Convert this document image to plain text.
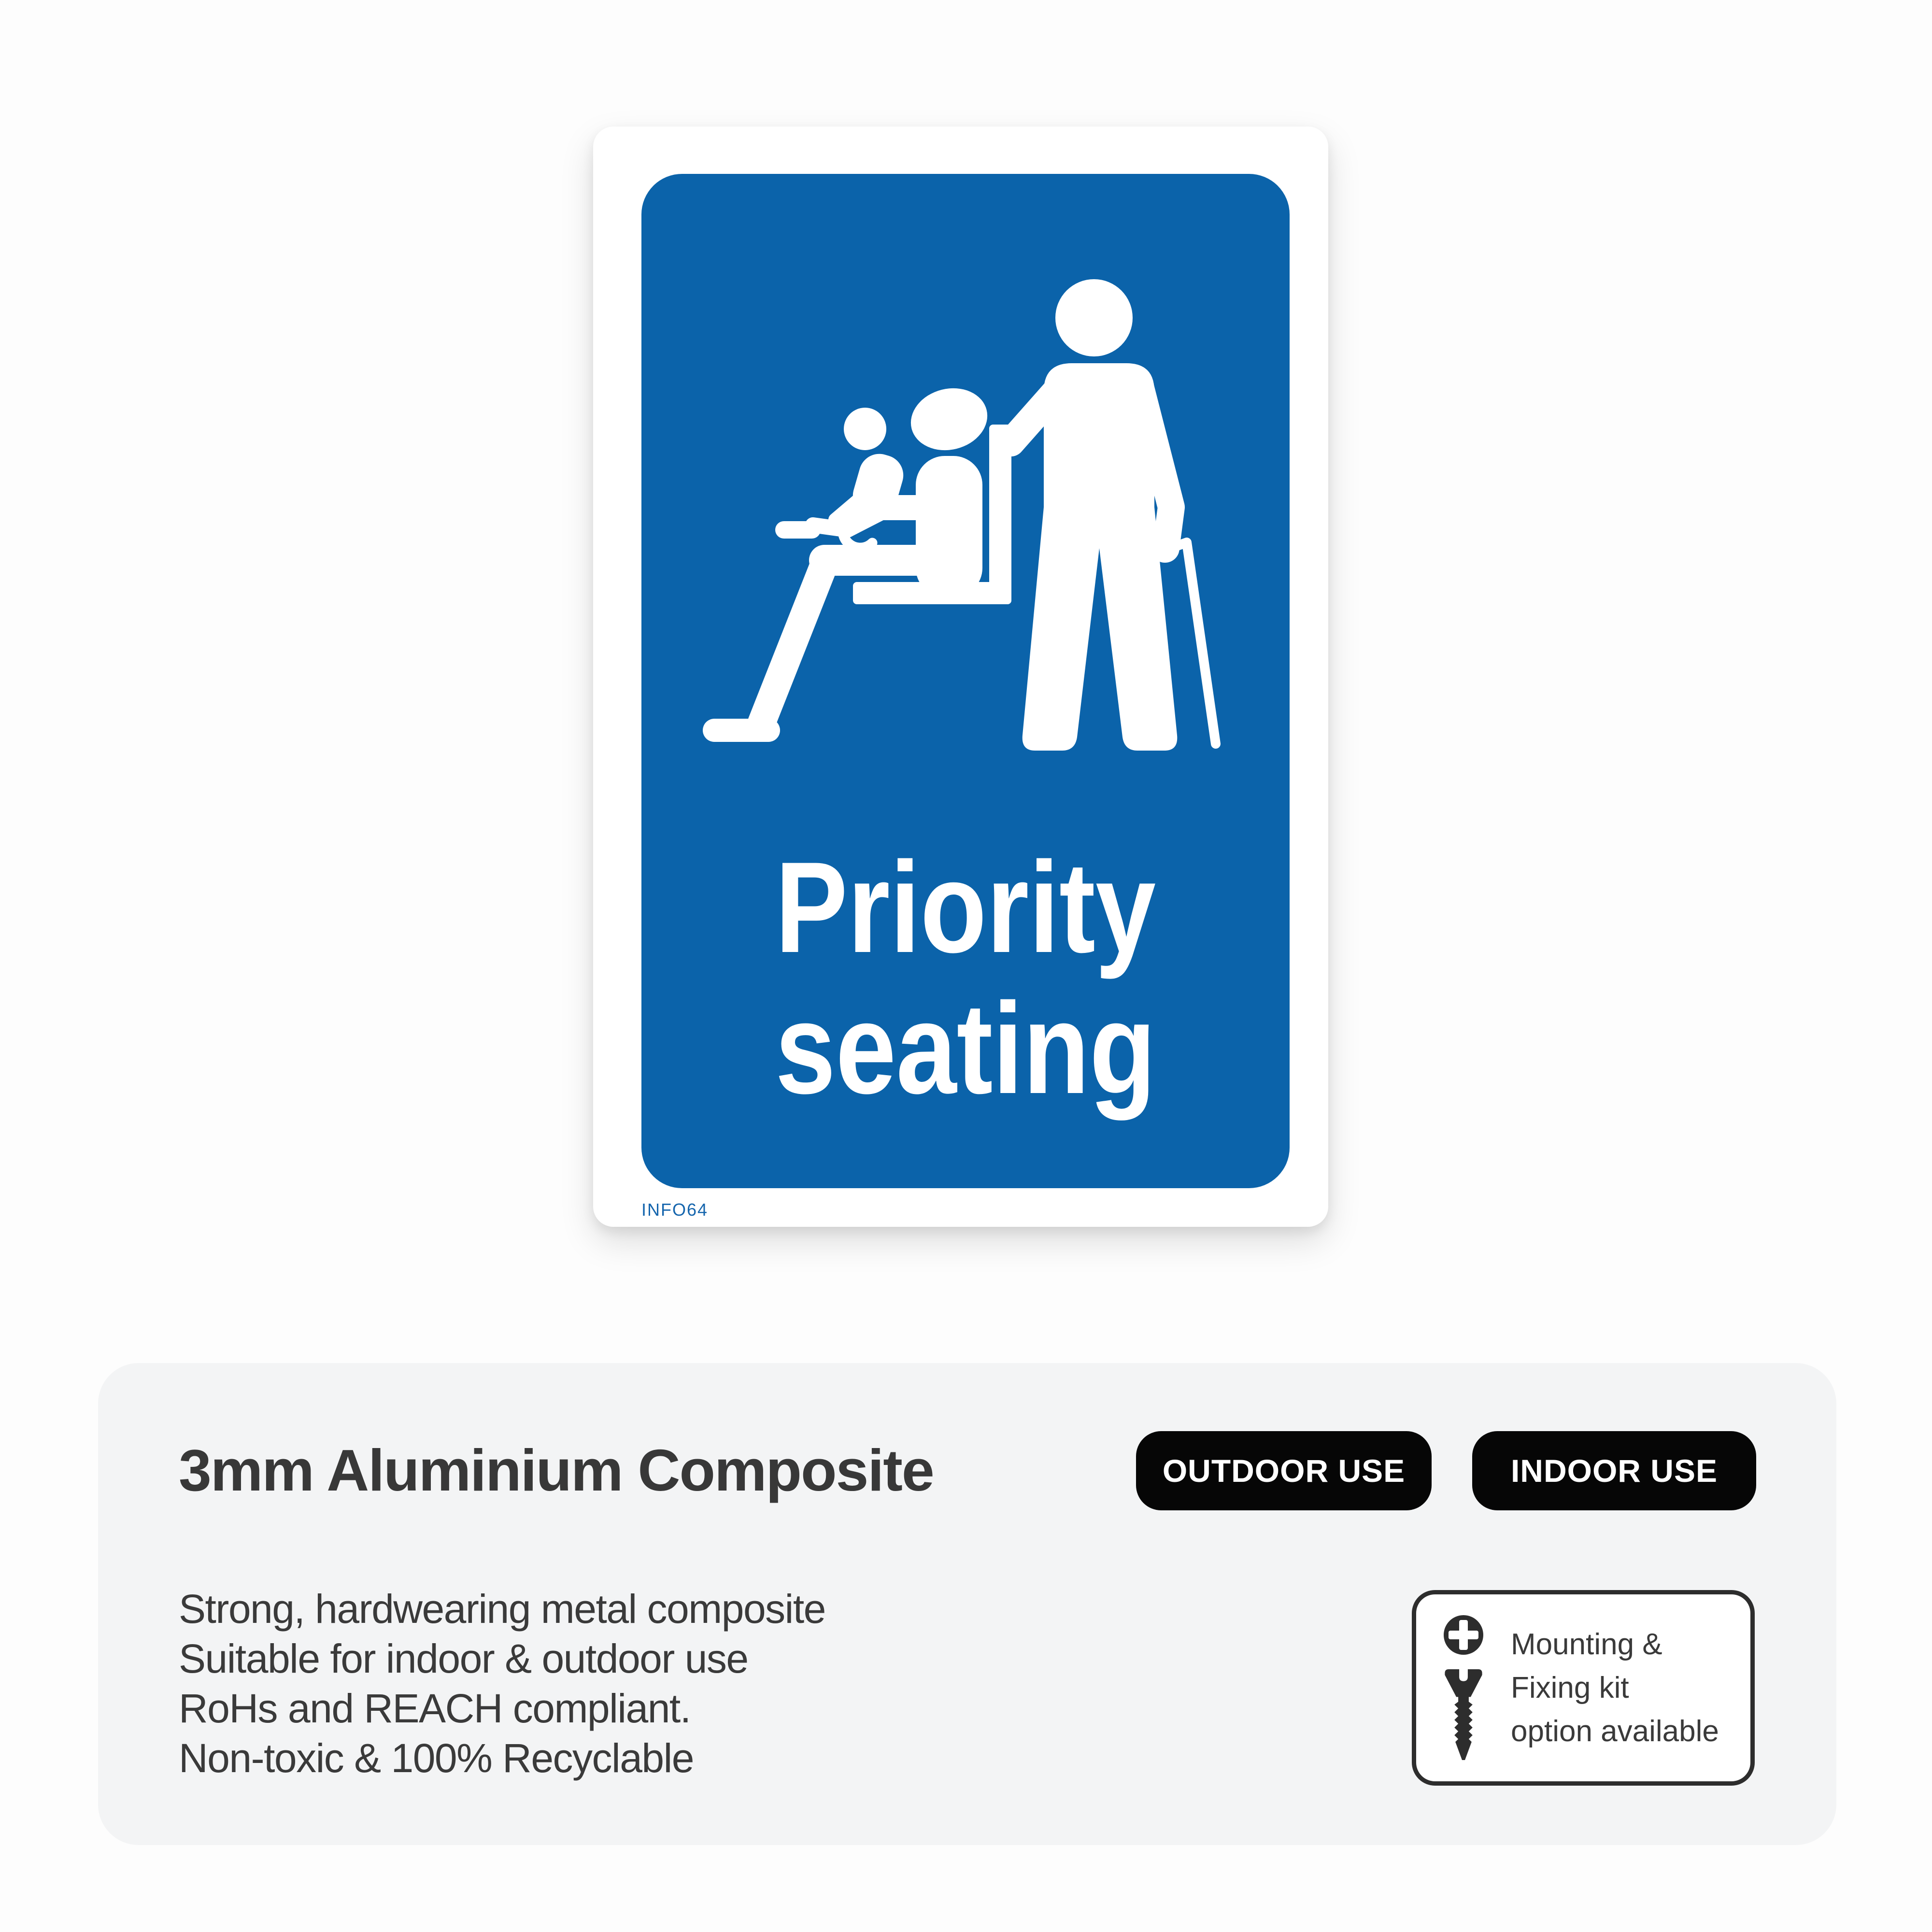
Priority
seating
INFO64
3mm Aluminium Composite	OUTDOOR USE	INDOOR USE
Strong, hardwearing metal composite
Suitable for indoor & outdoor use
RoHs and REACH compliant.
Non-toxic & 100% Recyclable
Mounting &
Fixing kit
option available
